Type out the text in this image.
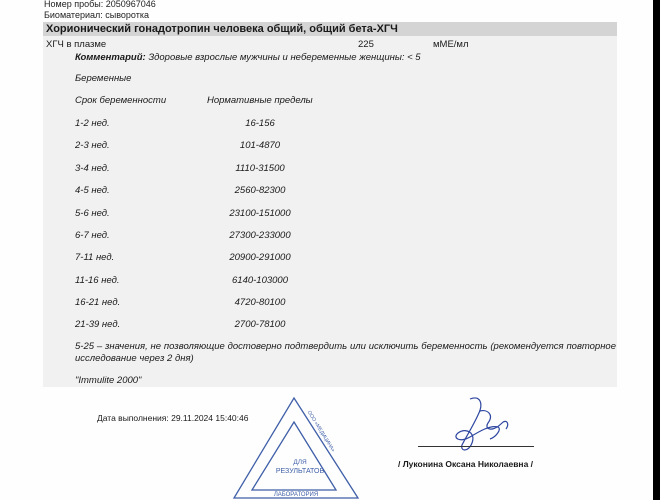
Номер пробы: 2050967046
Биоматериал: сыворотка
Хорионический гонадотропин человека общий, общий бета-ХГЧ
ХГЧ в плазме	225	мМЕ/мл
Комментарий: Здоровые взрослые мужчины и небеременные женщины: < 5
Беременные
Срок беременности	Нормативные пределы
1-2 нед.	16-156
2-3 нед.	101-4870
3-4 нед.	1110-31500
4-5 нед.	2560-82300
5-6 нед.	23100-151000
6-7 нед.	27300-233000
7-11 нед.	20900-291000
11-16 нед.	6140-103000
16-21 нед.	4720-80100
21-39 нед.	2700-78100
5-25 – значения, не позволяющие достоверно подтвердить или исключить беременность (рекомендуется повторное исследование через 2 дня)
"Immulite 2000"
Дата выполнения: 29.11.2024 15:40:46
ДЛЯ
РЕЗУЛЬТАТОВ
ЛАБОРАТОРИЯ
ООО «МЕДИЦИНА»
/ Луконина Оксана Николаевна /
